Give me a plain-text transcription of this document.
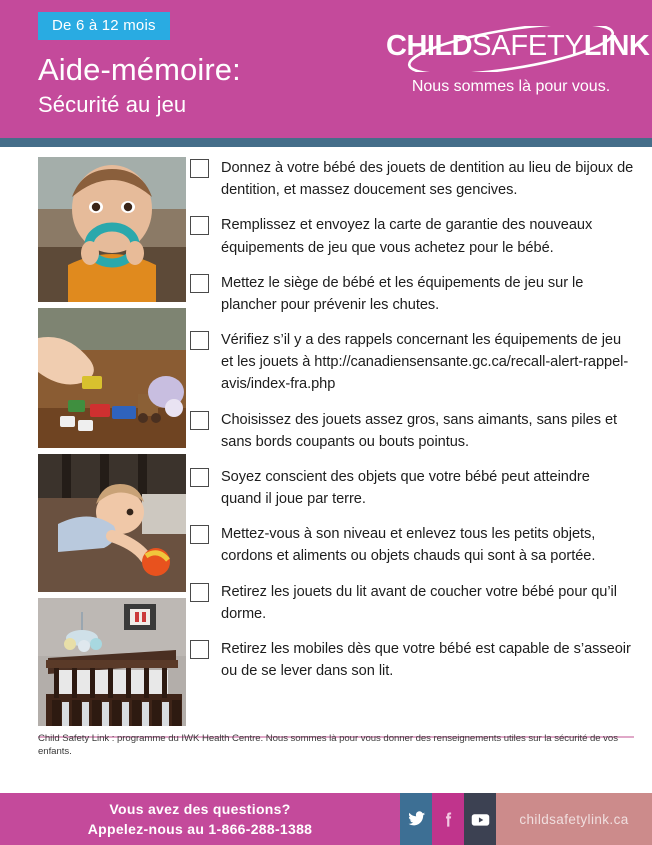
De 6 à 12 mois
Aide-mémoire:
Sécurité au jeu
CHILDSAFETYLINK
Nous sommes là pour vous.
Donnez à votre bébé des jouets de dentition au lieu de bijoux de dentition, et massez doucement ses gencives.
Remplissez et envoyez la carte de garantie des nouveaux équipements de jeu que vous achetez pour le bébé.
Mettez le siège de bébé et les équipements de jeu sur le plancher pour prévenir les chutes.
Vérifiez s’il y a des rappels concernant les équipements de jeu et les jouets à http://canadiensensante.gc.ca/recall-alert-rappel-avis/index-fra.php
Choisissez des jouets assez gros, sans aimants, sans piles et sans bords coupants ou bouts pointus.
Soyez conscient des objets que votre bébé peut atteindre quand il joue par terre.
Mettez-vous à son niveau et enlevez tous les petits objets, cordons et aliments ou objets chauds qui sont à sa portée.
Retirez les jouets du lit avant de coucher votre bébé pour qu’il dorme.
Retirez les mobiles dès que votre bébé est capable de s’asseoir ou de se lever dans son lit.
Child Safety Link : programme du IWK Health Centre. Nous sommes là pour vous donner des renseignements utiles sur la sécurité de vos enfants.
Vous avez des questions?
Appelez-nous au 1-866-288-1388
childsafetylink.ca
